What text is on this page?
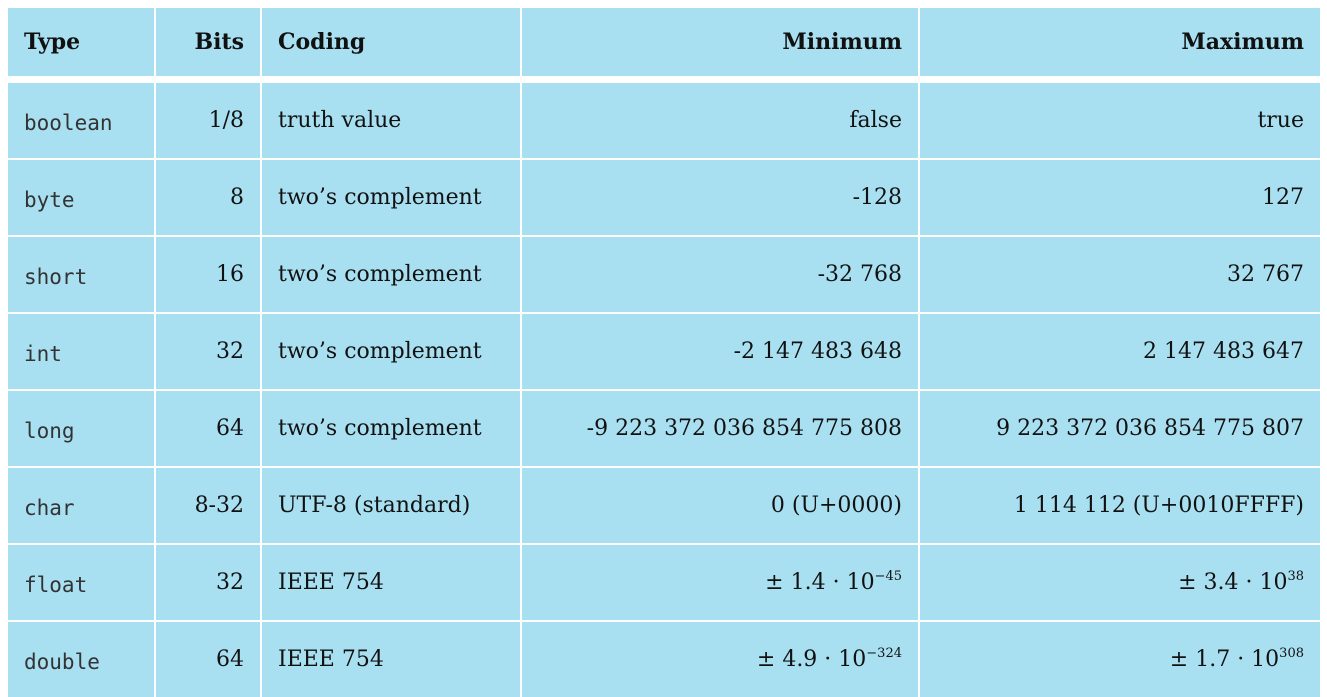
Type	Bits	Coding	Minimum	Maximum
boolean	1/8	truth value	false	true
byte	8	two’s complement	-128	127
short	16	two’s complement	-32 768	32 767
int	32	two’s complement	-2 147 483 648	2 147 483 647
long	64	two’s complement	-9 223 372 036 854 775 808	9 223 372 036 854 775 807
char	8-32	UTF-8 (standard)	0 (U+0000)	1 114 112 (U+0010FFFF)
float	32	IEEE 754	± $1.4 \cdot 10^{-45}$	± $3.4 \cdot 10^{38}$
double	64	IEEE 754	± $4.9 \cdot 10^{-324}$	± $1.7 \cdot 10^{308}$
